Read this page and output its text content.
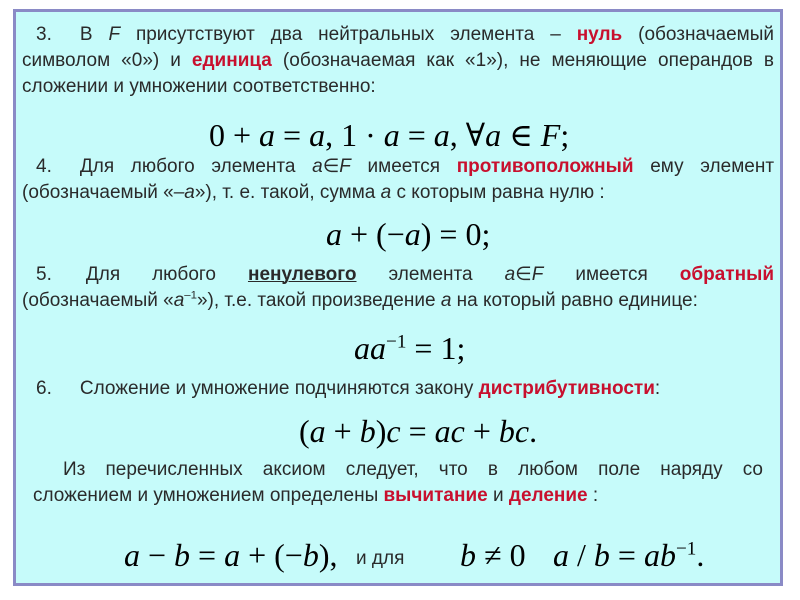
3. В F присутствуют два нейтральных элемента – нуль (обозначаемый
символом «0») и единица (обозначаемая как «1»), не меняющие операндов в
сложении и умножении соответственно:
0 + a = a, 1 · a = a, ∀a ∈ F;
4. Для любого элемента a∈F имеется противоположный ему элемент
(обозначаемый «–a»), т. е. такой, сумма a с которым равна нулю :
a + (−a) = 0;
5. Для любого ненулевого элемента a∈F имеется обратный
(обозначаемый «$a^{-1}$»), т.е. такой произведение a на который равно единице:
$aa^{-1} = 1$;
6. Сложение и умножение подчиняются закону дистрибутивности:
(a + b)c = ac + bc.
Из перечисленных аксиом следует, что в любом поле наряду со
сложением и умножением определены вычитание и деление :
a − b = a + (−b), и для b ≠ 0 $a / b = ab^{-1}$.
